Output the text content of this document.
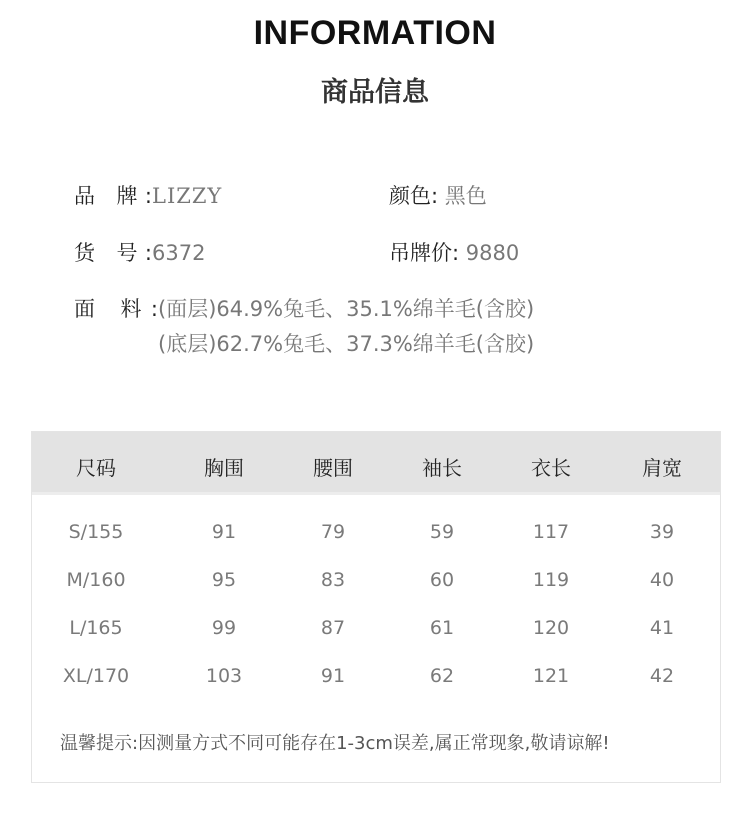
INFORMATION
商品信息
品 牌:LIZZY	颜色: 黑色
货 号:6372	吊牌价: 9880
面 料:(面层)64.9%兔毛、35.1%绵羊毛(含胶)
(底层)62.7%兔毛、37.3%绵羊毛(含胶)
尺码	胸围	腰围	袖长	衣长	肩宽
S/155	91	79	59	117	39
M/160	95	83	60	119	40
L/165	99	87	61	120	41
XL/170	103	91	62	121	42
温馨提示:因测量方式不同可能存在1-3cm误差,属正常现象,敬请谅解!
